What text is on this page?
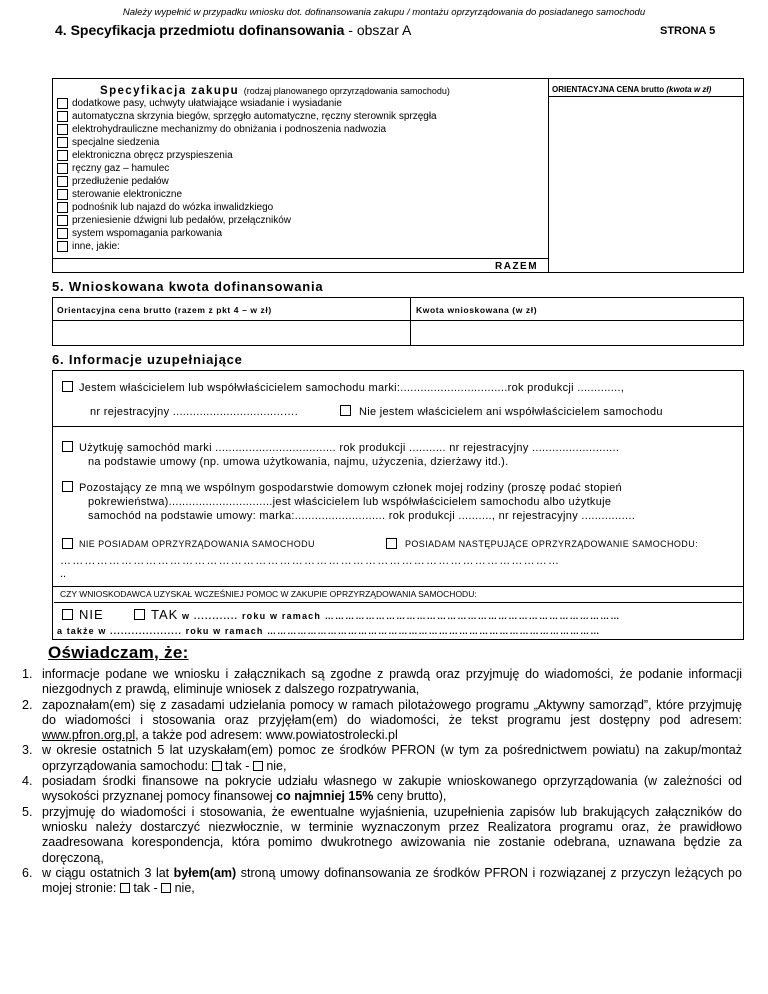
Należy wypełnić w przypadku wniosku dot. dofinansowania zakupu / montażu oprzyrządowania do posiadanego samochodu
4. Specyfikacja przedmiotu dofinansowania - obszar A	STRONA 5
Specyfikacja zakupu (rodzaj planowanego oprzyrządowania samochodu)	ORIENTACYJNA CENA brutto (kwota w zł)
dodatkowe pasy, uchwyty ułatwiające wsiadanie i wysiadanie
automatyczna skrzynia biegów, sprzęgło automatyczne, ręczny sterownik sprzęgła
elektrohydrauliczne mechanizmy do obniżania i podnoszenia nadwozia
specjalne siedzenia
elektroniczna obręcz przyspieszenia
ręczny gaz – hamulec
przedłużenie pedałów
sterowanie elektroniczne
podnośnik lub najazd do wózka inwalidzkiego
przeniesienie dźwigni lub pedałów, przełączników
system wspomagania parkowania
inne, jakie:
RAZEM
5. Wnioskowana kwota dofinansowania
Orientacyjna cena brutto (razem z pkt 4 – w zł)	Kwota wnioskowana (w zł)
6. Informacje uzupełniające
Jestem właścicielem lub współwłaścicielem samochodu marki:................................rok produkcji .............,
nr rejestracyjny .................................….	Nie jestem właścicielem ani współwłaścicielem samochodu
Użytkuję samochód marki .................................... rok produkcji ........... nr rejestracyjny ..........................
na podstawie umowy (np. umowa użytkowania, najmu, użyczenia, dzierżawy itd.).
Pozostający ze mną we wspólnym gospodarstwie domowym członek mojej rodziny (proszę podać stopień
pokrewieństwa)...............................jest właścicielem lub współwłaścicielem samochodu albo użytkuje
samochód na podstawie umowy: marka:........................... rok produkcji .........., nr rejestracyjny ................
NIE POSIADAM OPRZYRZĄDOWANIA SAMOCHODU	POSIADAM NASTĘPUJĄCE OPRZYRZĄDOWANIE SAMOCHODU:
……………………………………………………………………………………………………………
..
CZY WNIOSKODAWCA UZYSKAŁ WCZEŚNIEJ POMOC W ZAKUPIE OPRZYRZĄDOWANIA SAMOCHODU:
NIE	TAK w ............ roku w ramach ……………………………………………………………………………
a także w .................... roku w ramach ………………………………………………………………………………………
Oświadczam, że:
1. informacje podane we wniosku i załącznikach są zgodne z prawdą oraz przyjmuję do wiadomości, że podanie informacji niezgodnych z prawdą, eliminuje wniosek z dalszego rozpatrywania,
2. zapoznałam(em) się z zasadami udzielania pomocy w ramach pilotażowego programu „Aktywny samorząd”, które przyjmuję do wiadomości i stosowania oraz przyjęłam(em) do wiadomości, że tekst programu jest dostępny pod adresem: www.pfron.org.pl, a także pod adresem: www.powiatostrolecki.pl
3. w okresie ostatnich 5 lat uzyskałam(em) pomoc ze środków PFRON (w tym za pośrednictwem powiatu) na zakup/montaż oprzyrządowania samochodu: tak -  nie,
4. posiadam środki finansowe na pokrycie udziału własnego w zakupie wnioskowanego oprzyrządowania (w zależności od wysokości przyznanej pomocy finansowej co najmniej 15% ceny brutto),
5. przyjmuję do wiadomości i stosowania, że ewentualne wyjaśnienia, uzupełnienia zapisów lub brakujących załączników do wniosku należy dostarczyć niezwłocznie, w terminie wyznaczonym przez Realizatora programu oraz, że prawidłowo zaadresowana korespondencja, która pomimo dwukrotnego awizowania nie zostanie odebrana, uznawana będzie za doręczoną,
6. w ciągu ostatnich 3 lat byłem(am) stroną umowy dofinansowania ze środków PFRON i rozwiązanej z przyczyn leżących po mojej stronie: tak -  nie,
